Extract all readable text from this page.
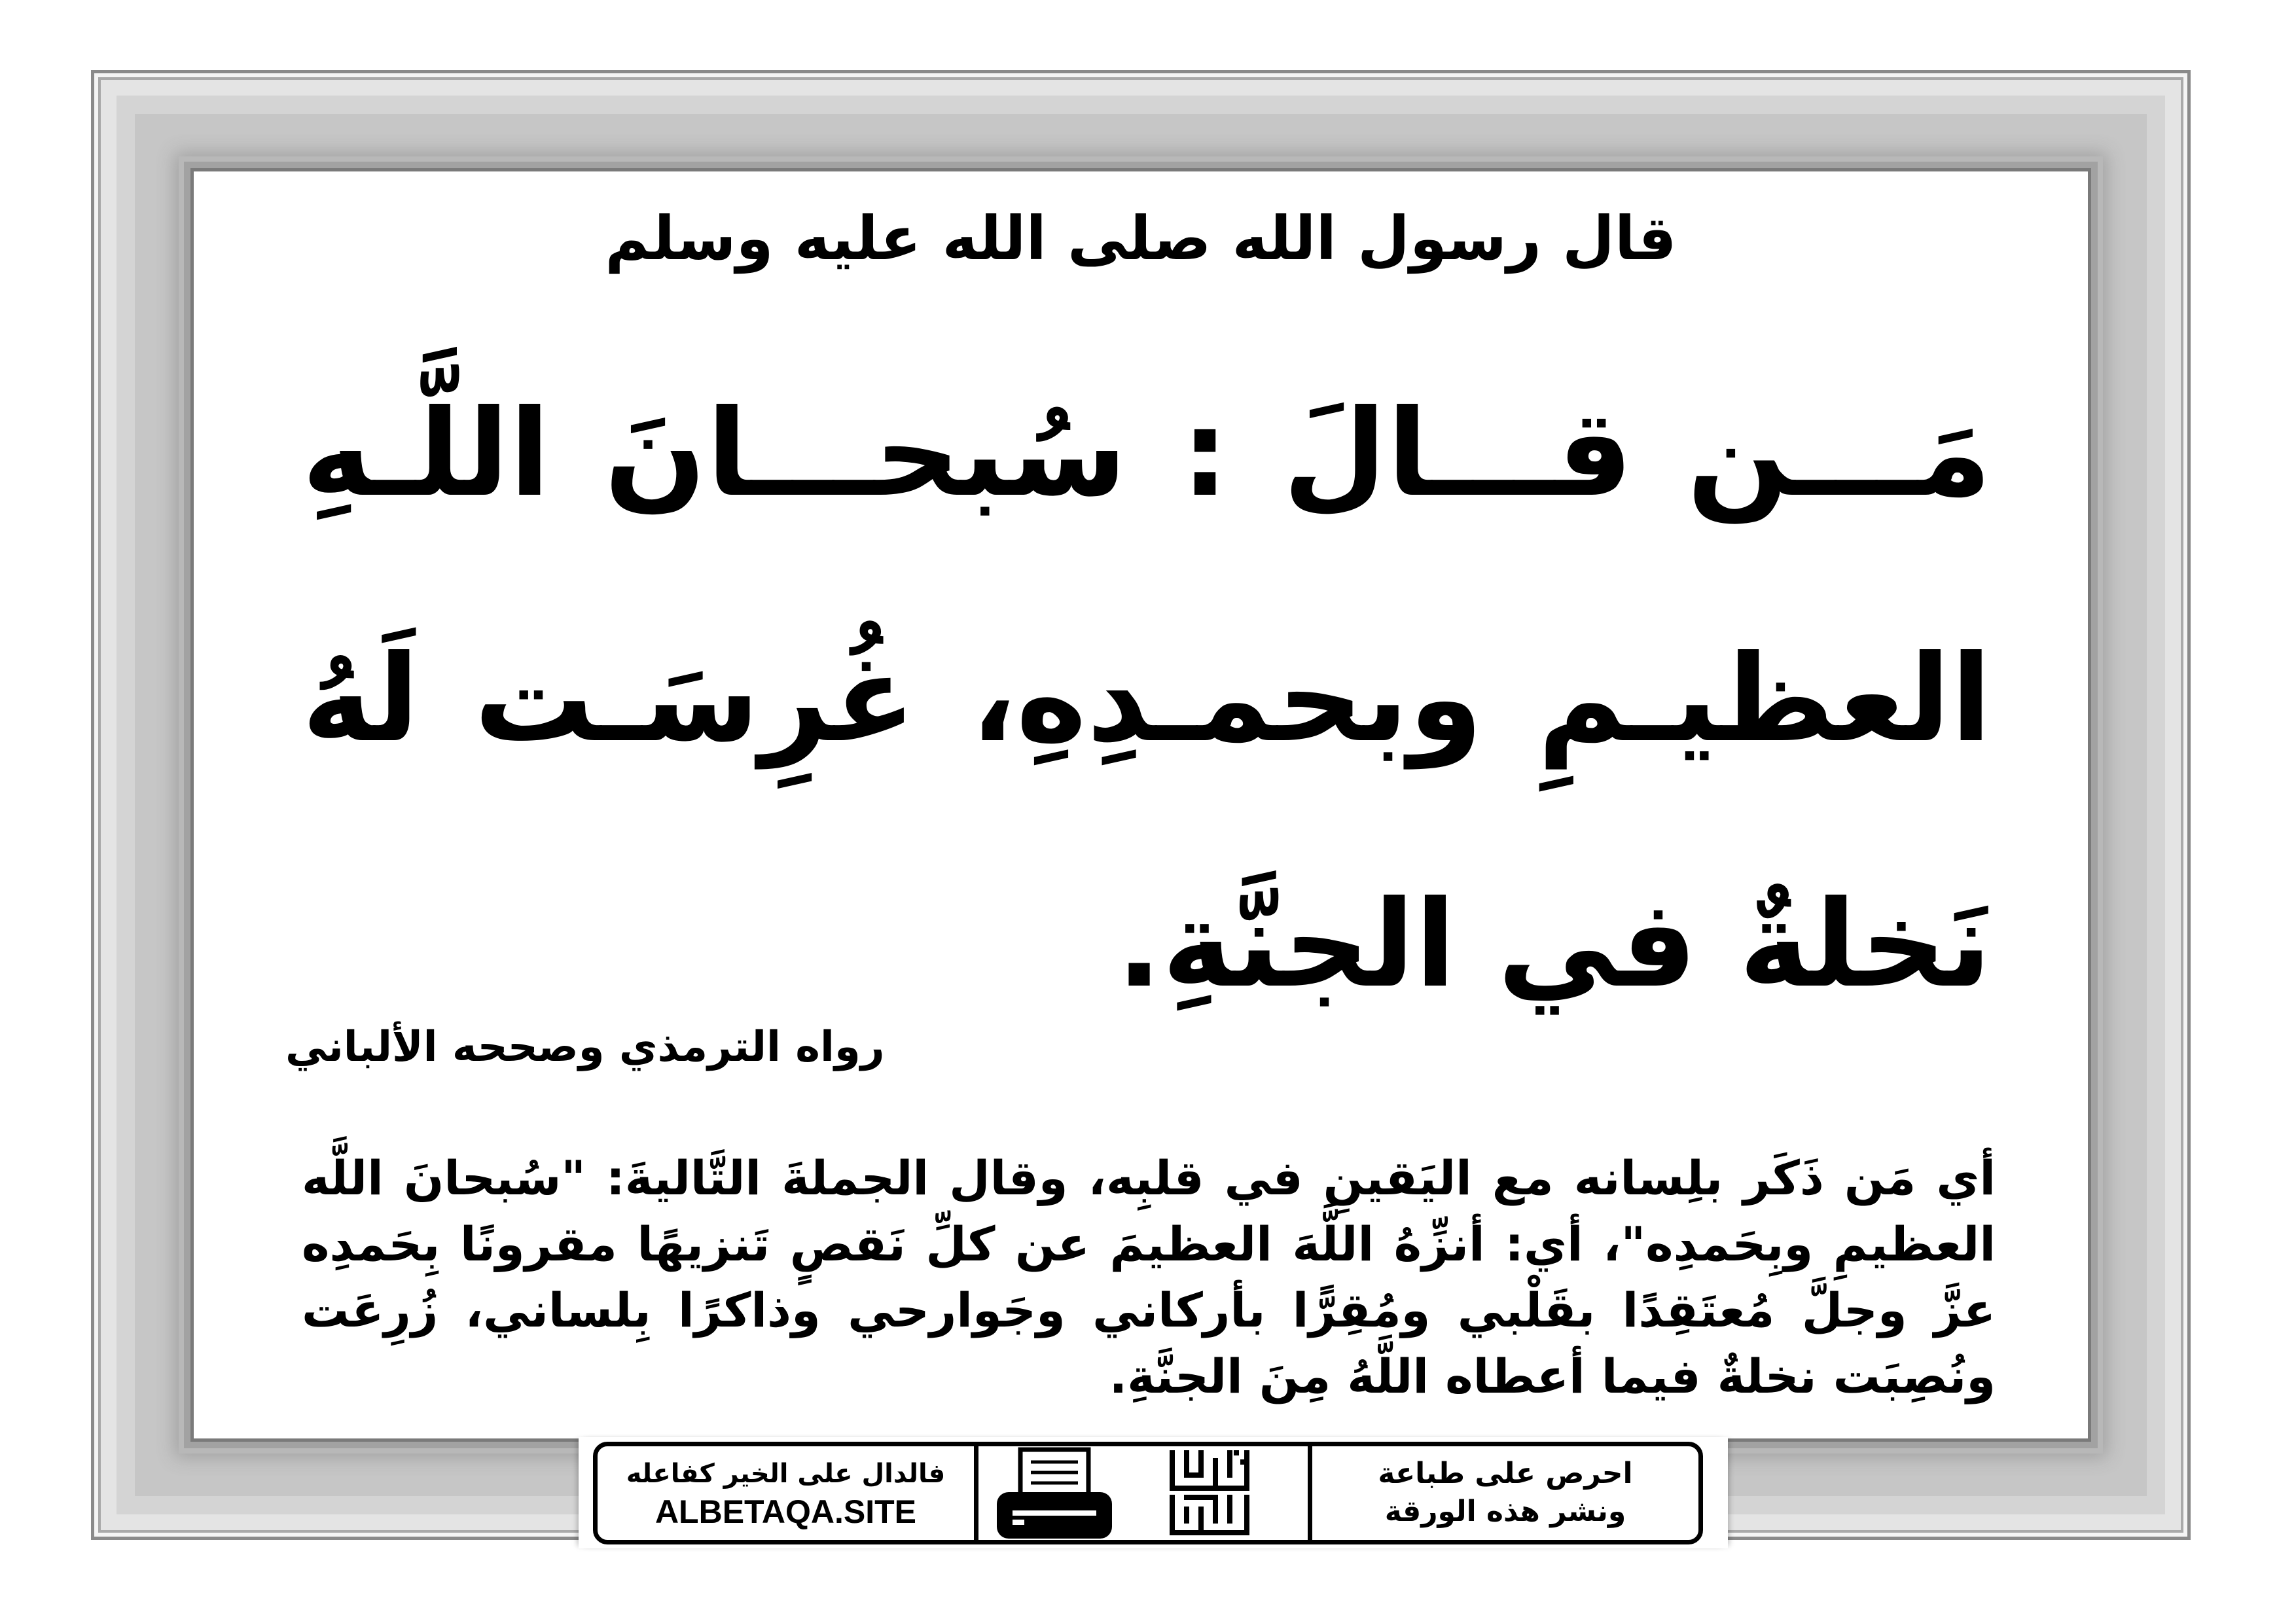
قال رسول الله صلى الله عليه وسلم
مَـــن قـــالَ : سُبحـــانَ اللَّـهِ
العظيـمِ وبحمـدِهِ، غُرِسَـت لَهُ
نَخلةٌ في الجنَّةِ.
رواه الترمذي وصححه الألباني
أي مَن ذَكَر بلِسانه مع اليَقينِ في قلبِه، وقال الجملةَ التَّاليةَ: "سُبحانَ اللَّه
العظيمِ وبِحَمدِه"، أي: أنزِّهُ اللَّهَ العظيمَ عن كلِّ نَقصٍ تَنزيهًا مقرونًا بِحَمدِه
عزَّ وجلَّ مُعتَقِدًا بقَلْبي ومُقِرًّا بأركاني وجَوارحي وذاكرًا بِلساني، زُرِعَت
ونُصِبَت نخلةٌ فيما أعطاه اللَّهُ مِنَ الجنَّةِ.
فالدال على الخير كفاعله
ALBETAQA.SITE
احرص على طباعة
ونشر هذه الورقة
